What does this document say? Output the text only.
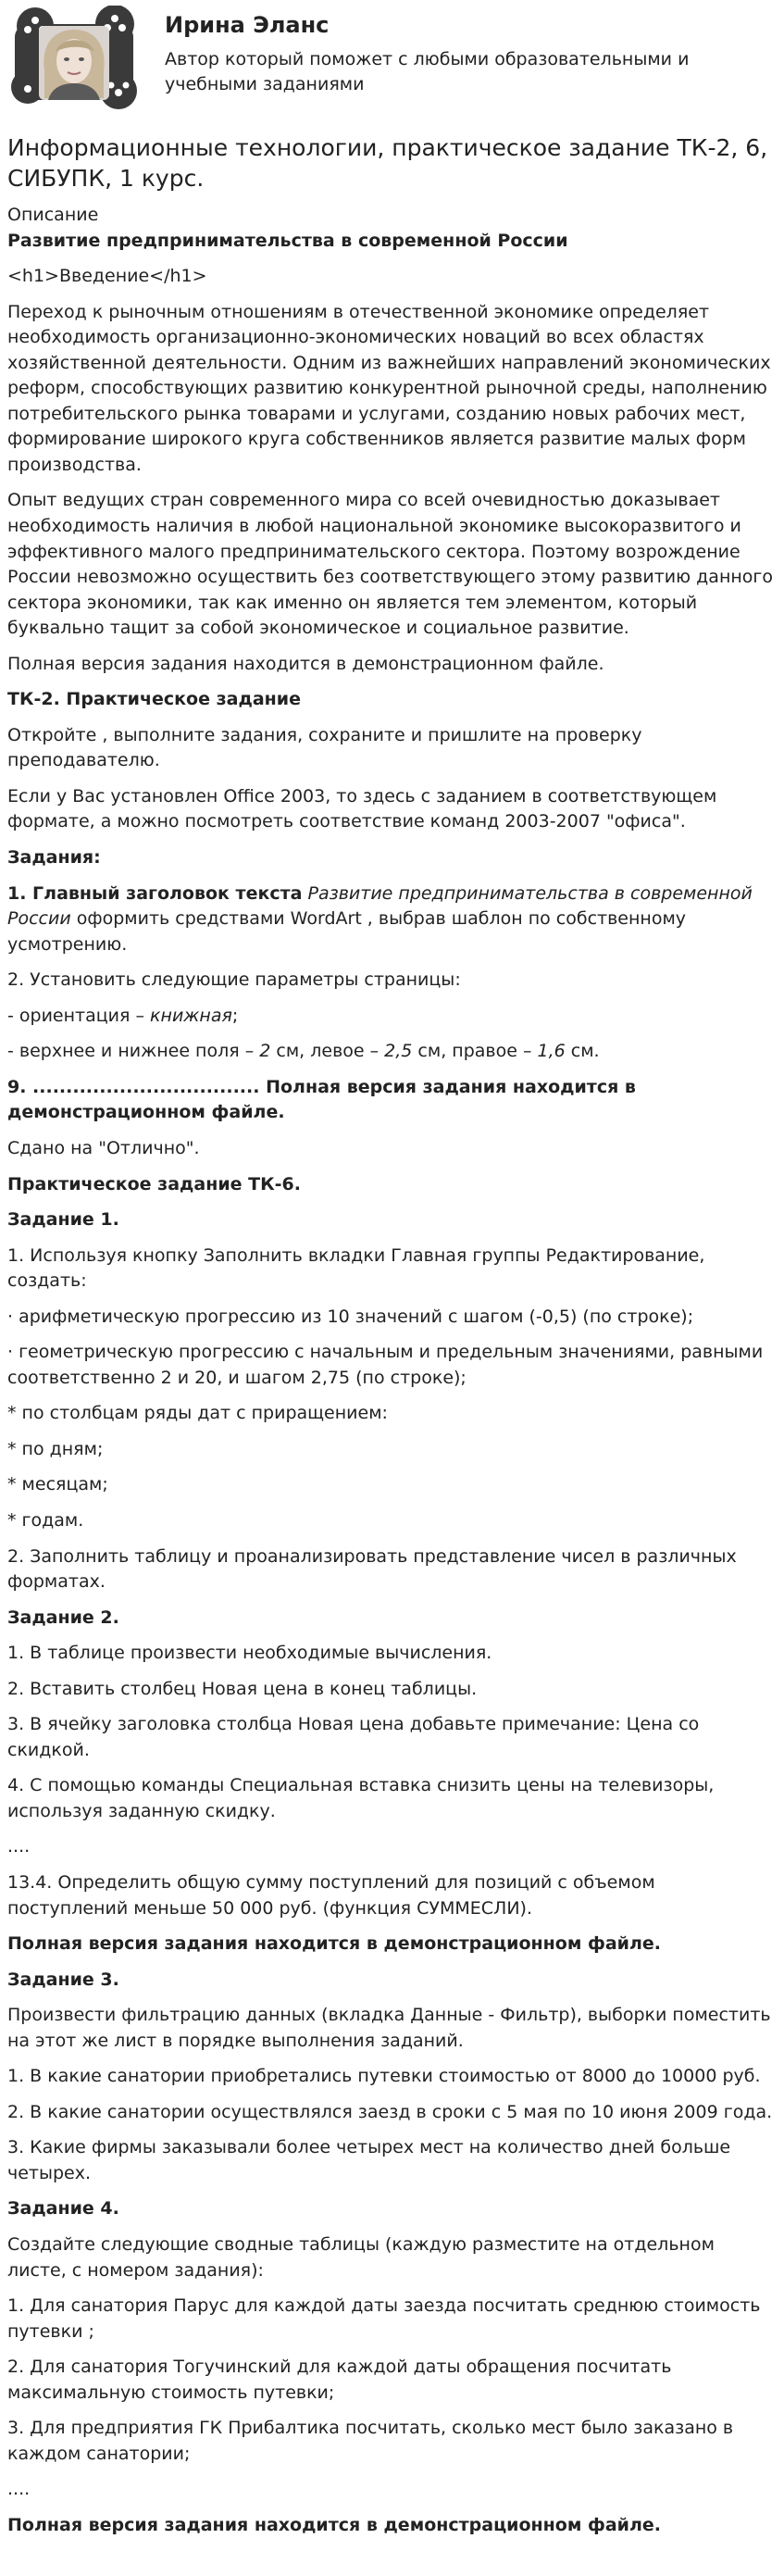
Ирина Эланс
Автор который поможет с любыми образовательными и учебными заданиями
Информационные технологии, практическое задание ТК-2, 6, СИБУПК, 1 курс.
Описание

Развитие предпринимательства в современной России

<h1>Введение</h1>

Переход к рыночным отношениям в отечественной экономике определяет необходимость организационно-экономических новаций во всех областях хозяйственной деятельности. Одним из важнейших направлений экономических реформ, способствующих развитию конкурентной рыночной среды, наполнению потребительского рынка товарами и услугами, созданию новых рабочих мест, формирование широкого круга собственников является развитие малых форм производства.

Опыт ведущих стран современного мира со всей очевидностью доказывает необходимость наличия в любой национальной экономике высокоразвитого и эффективного малого предпринимательского сектора. Поэтому возрождение России невозможно осуществить без соответствующего этому развитию данного сектора экономики, так как именно он является тем элементом, который буквально тащит за собой экономическое и социальное развитие.

Полная версия задания находится в демонстрационном файле.

ТК-2. Практическое задание

Откройте , выполните задания, сохраните и пришлите на проверку преподавателю.

Если у Вас установлен Office 2003, то здесь с заданием в соответствующем формате, а можно посмотреть соответствие команд 2003-2007 "офиса".

Задания:

1. Главный заголовок текста Развитие предпринимательства в современной России оформить средствами WordArt , выбрав шаблон по собственному усмотрению.

2. Установить следующие параметры страницы:

- ориентация – книжная;

- верхнее и нижнее поля – 2 см, левое – 2,5 см, правое – 1,6 см.

9. .................................. Полная версия задания находится в демонстрационном файле.

Сдано на "Отлично".

Практическое задание ТК-6.

Задание 1.

1. Используя кнопку Заполнить вкладки Главная группы Редактирование, создать:

· арифметическую прогрессию из 10 значений с шагом (-0,5) (по строке);

· геометрическую прогрессию с начальным и предельным значениями, равными соответственно 2 и 20, и шагом 2,75 (по строке);

* по столбцам ряды дат с приращением:

* по дням;

* месяцам;

* годам.

2. Заполнить таблицу и проанализировать представление чисел в различных форматах.

Задание 2.

1. В таблице произвести необходимые вычисления.

2. Вставить столбец Новая цена в конец таблицы.

3. В ячейку заголовка столбца Новая цена добавьте примечание: Цена со скидкой.

4. С помощью команды Специальная вставка снизить цены на телевизоры, используя заданную скидку.

....

13.4. Определить общую сумму поступлений для позиций с объемом поступлений меньше 50 000 руб. (функция СУММЕСЛИ).

Полная версия задания находится в демонстрационном файле.

Задание 3.

Произвести фильтрацию данных (вкладка Данные - Фильтр), выборки поместить на этот же лист в порядке выполнения заданий.

1. В какие санатории приобретались путевки стоимостью от 8000 до 10000 руб.

2. В какие санатории осуществлялся заезд в сроки с 5 мая по 10 июня 2009 года.

3. Какие фирмы заказывали более четырех мест на количество дней больше четырех.

Задание 4.

Создайте следующие сводные таблицы (каждую разместите на отдельном листе, с номером задания):

1. Для санатория Парус для каждой даты заезда посчитать среднюю стоимость путевки ;

2. Для санатория Тогучинский для каждой даты обращения посчитать максимальную стоимость путевки;

3. Для предприятия ГК Прибалтика посчитать, сколько мест было заказано в каждом санатории;

....

Полная версия задания находится в демонстрационном файле.
